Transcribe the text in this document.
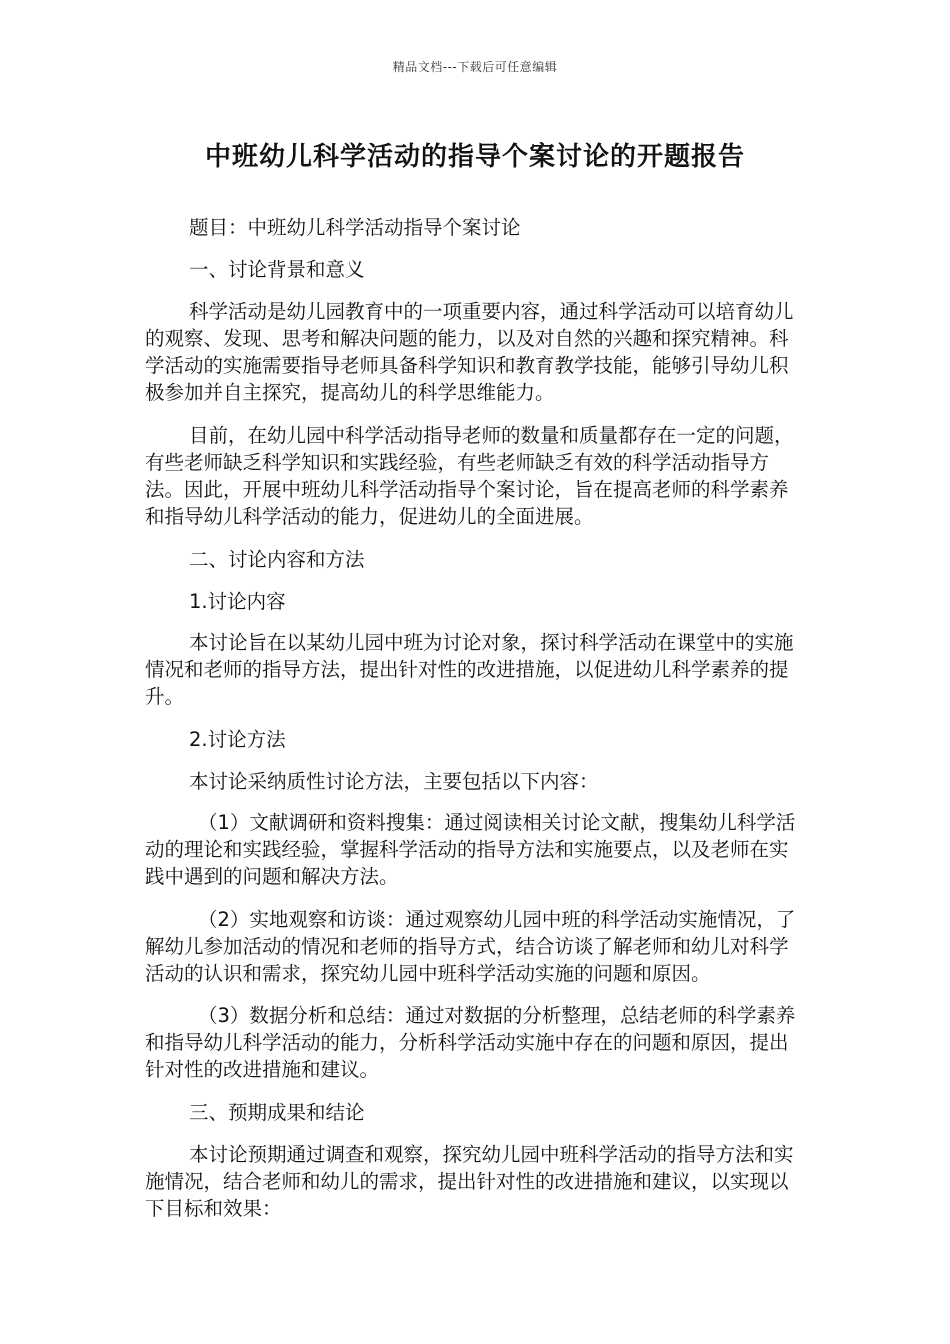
精品文档---下载后可任意编辑
中班幼儿科学活动的指导个案讨论的开题报告

题目：中班幼儿科学活动指导个案讨论

一、讨论背景和意义

科学活动是幼儿园教育中的一项重要内容，通过科学活动可以培育幼儿的观察、发现、思考和解决问题的能力，以及对自然的兴趣和探究精神。科学活动的实施需要指导老师具备科学知识和教育教学技能，能够引导幼儿积极参加并自主探究，提高幼儿的科学思维能力。

目前，在幼儿园中科学活动指导老师的数量和质量都存在一定的问题，有些老师缺乏科学知识和实践经验，有些老师缺乏有效的科学活动指导方法。因此，开展中班幼儿科学活动指导个案讨论，旨在提高老师的科学素养和指导幼儿科学活动的能力，促进幼儿的全面进展。

二、讨论内容和方法

1.讨论内容

本讨论旨在以某幼儿园中班为讨论对象，探讨科学活动在课堂中的实施情况和老师的指导方法，提出针对性的改进措施，以促进幼儿科学素养的提升。

2.讨论方法

本讨论采纳质性讨论方法，主要包括以下内容：

（1）文献调研和资料搜集：通过阅读相关讨论文献，搜集幼儿科学活动的理论和实践经验，掌握科学活动的指导方法和实施要点，以及老师在实践中遇到的问题和解决方法。

（2）实地观察和访谈：通过观察幼儿园中班的科学活动实施情况，了解幼儿参加活动的情况和老师的指导方式，结合访谈了解老师和幼儿对科学活动的认识和需求，探究幼儿园中班科学活动实施的问题和原因。

（3）数据分析和总结：通过对数据的分析整理，总结老师的科学素养和指导幼儿科学活动的能力，分析科学活动实施中存在的问题和原因，提出针对性的改进措施和建议。

三、预期成果和结论

本讨论预期通过调查和观察，探究幼儿园中班科学活动的指导方法和实施情况，结合老师和幼儿的需求，提出针对性的改进措施和建议，以实现以下目标和效果：
